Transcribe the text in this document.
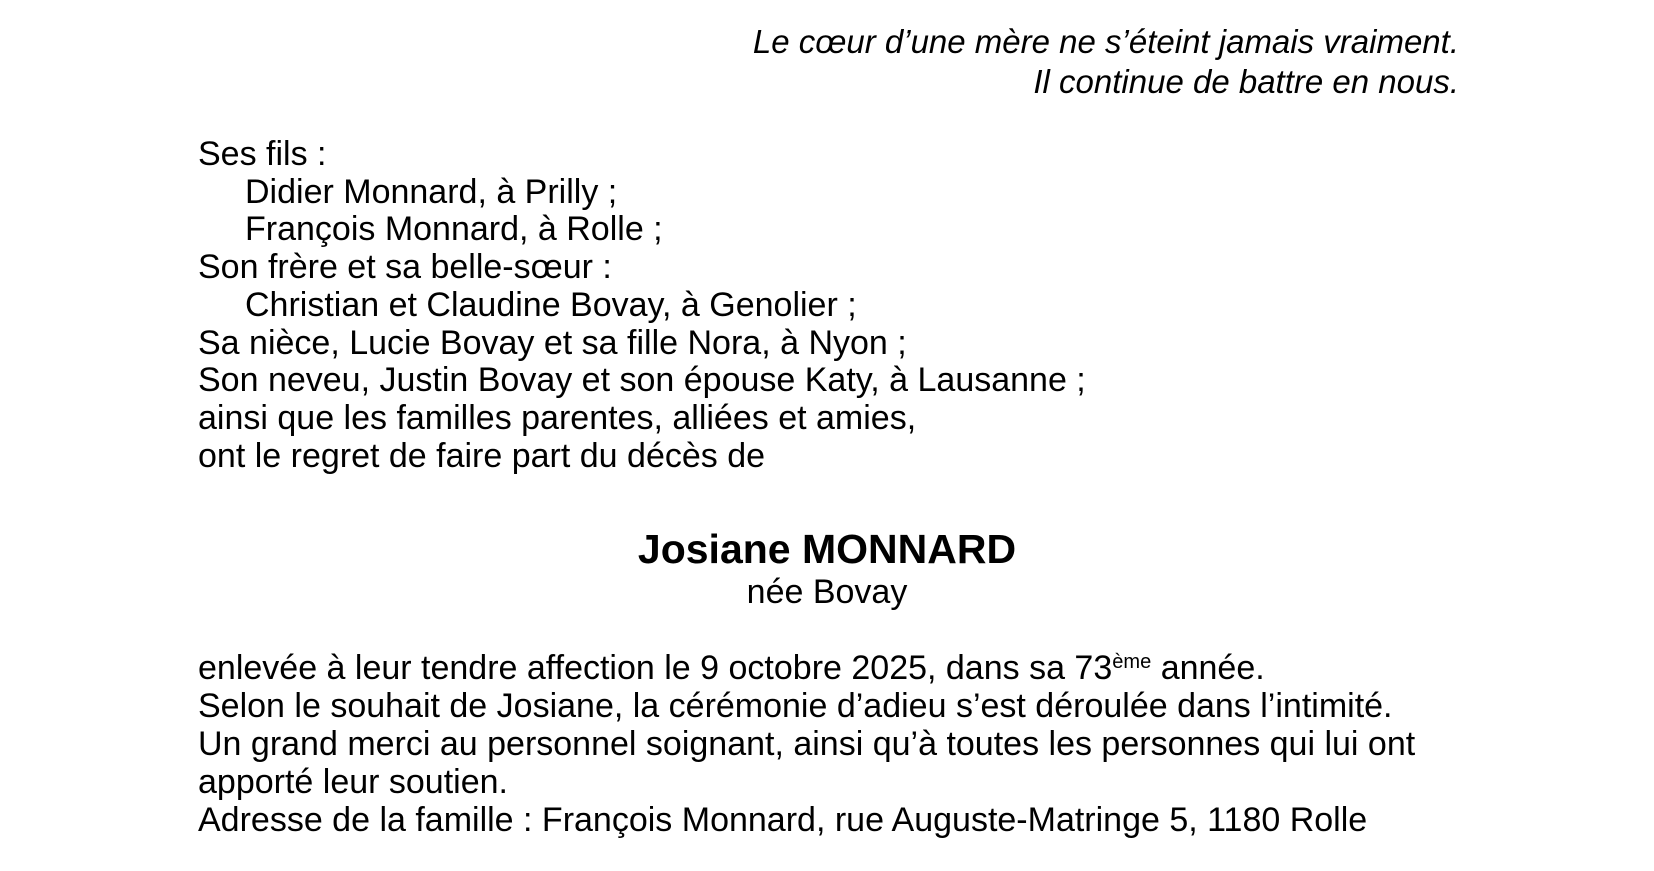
Le cœur d’une mère ne s’éteint jamais vraiment.
Il continue de battre en nous.
Ses fils :
Didier Monnard, à Prilly ;
François Monnard, à Rolle ;
Son frère et sa belle-sœur :
Christian et Claudine Bovay, à Genolier ;
Sa nièce, Lucie Bovay et sa fille Nora, à Nyon ;
Son neveu, Justin Bovay et son épouse Katy, à Lausanne ;
ainsi que les familles parentes, alliées et amies,
ont le regret de faire part du décès de
Josiane MONNARD
née Bovay
enlevée à leur tendre affection le 9 octobre 2025, dans sa 73ème année.
Selon le souhait de Josiane, la cérémonie d’adieu s’est déroulée dans l’intimité.
Un grand merci au personnel soignant, ainsi qu’à toutes les personnes qui lui ont
apporté leur soutien.
Adresse de la famille : François Monnard, rue Auguste-Matringe 5, 1180 Rolle
